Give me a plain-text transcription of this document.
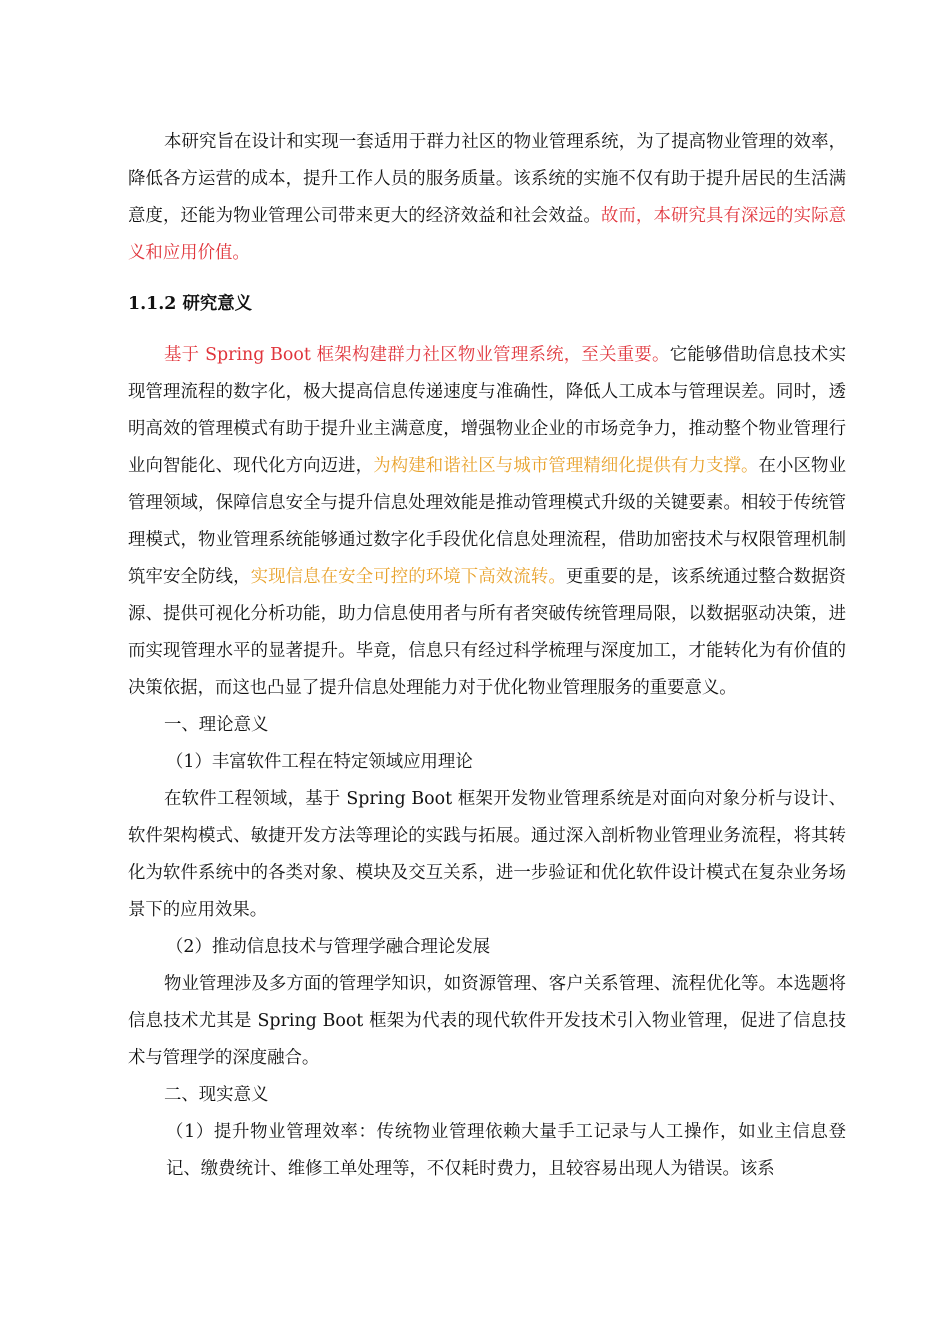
本研究旨在设计和实现一套适用于群力社区的物业管理系统，为了提高物业管理的效率，降低各方运营的成本，提升工作人员的服务质量。该系统的实施不仅有助于提升居民的生活满意度，还能为物业管理公司带来更大的经济效益和社会效益。故而，本研究具有深远的实际意义和应用价值。

1.1.2 研究意义

基于 Spring Boot 框架构建群力社区物业管理系统，至关重要。它能够借助信息技术实现管理流程的数字化，极大提高信息传递速度与准确性，降低人工成本与管理误差。同时，透明高效的管理模式有助于提升业主满意度，增强物业企业的市场竞争力，推动整个物业管理行业向智能化、现代化方向迈进，为构建和谐社区与城市管理精细化提供有力支撑。在小区物业管理领域，保障信息安全与提升信息处理效能是推动管理模式升级的关键要素。相较于传统管理模式，物业管理系统能够通过数字化手段优化信息处理流程，借助加密技术与权限管理机制筑牢安全防线，实现信息在安全可控的环境下高效流转。更重要的是，该系统通过整合数据资源、提供可视化分析功能，助力信息使用者与所有者突破传统管理局限，以数据驱动决策，进而实现管理水平的显著提升。毕竟，信息只有经过科学梳理与深度加工，才能转化为有价值的决策依据，而这也凸显了提升信息处理能力对于优化物业管理服务的重要意义。

一、理论意义

（1）丰富软件工程在特定领域应用理论

在软件工程领域，基于 Spring Boot 框架开发物业管理系统是对面向对象分析与设计、软件架构模式、敏捷开发方法等理论的实践与拓展。通过深入剖析物业管理业务流程，将其转化为软件系统中的各类对象、模块及交互关系，进一步验证和优化软件设计模式在复杂业务场景下的应用效果。

（2）推动信息技术与管理学融合理论发展

物业管理涉及多方面的管理学知识，如资源管理、客户关系管理、流程优化等。本选题将信息技术尤其是 Spring Boot 框架为代表的现代软件开发技术引入物业管理，促进了信息技术与管理学的深度融合。

二、现实意义

（1）提升物业管理效率：传统物业管理依赖大量手工记录与人工操作，如业主信息登记、缴费统计、维修工单处理等，不仅耗时费力，且较容易出现人为错误。该系
